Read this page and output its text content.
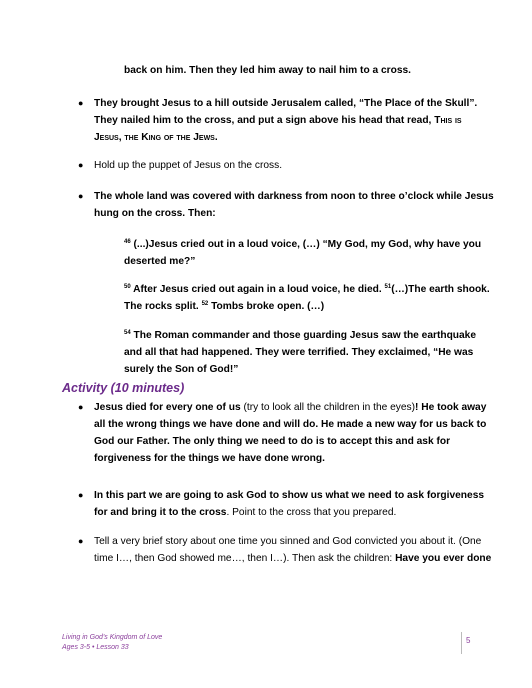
back on him. Then they led him away to nail him to a cross.
● They brought Jesus to a hill outside Jerusalem called, “The Place of the Skull”.
They nailed him to the cross, and put a sign above his head that read, This is
Jesus, the King of the Jews.
● Hold up the puppet of Jesus on the cross.
● The whole land was covered with darkness from noon to three o’clock while Jesus
hung on the cross. Then:
$^{46}$ (...)Jesus cried out in a loud voice, (…) “My God, my God, why have you
deserted me?”
$^{50}$ After Jesus cried out again in a loud voice, he died. $^{51}$(…)The earth shook.
The rocks split. $^{52}$ Tombs broke open. (…)
$^{54}$ The Roman commander and those guarding Jesus saw the earthquake
and all that had happened. They were terrified. They exclaimed, “He was
surely the Son of God!”
Activity (10 minutes)
● Jesus died for every one of us (try to look all the children in the eyes)! He took away
all the wrong things we have done and will do. He made a new way for us back to
God our Father. The only thing we need to do is to accept this and ask for
forgiveness for the things we have done wrong.
● In this part we are going to ask God to show us what we need to ask forgiveness
for and bring it to the cross. Point to the cross that you prepared.
● Tell a very brief story about one time you sinned and God convicted you about it. (One
time I…, then God showed me…, then I…). Then ask the children: Have you ever done
Living in God’s Kingdom of Love
Ages 3-5 • Lesson 33
5
